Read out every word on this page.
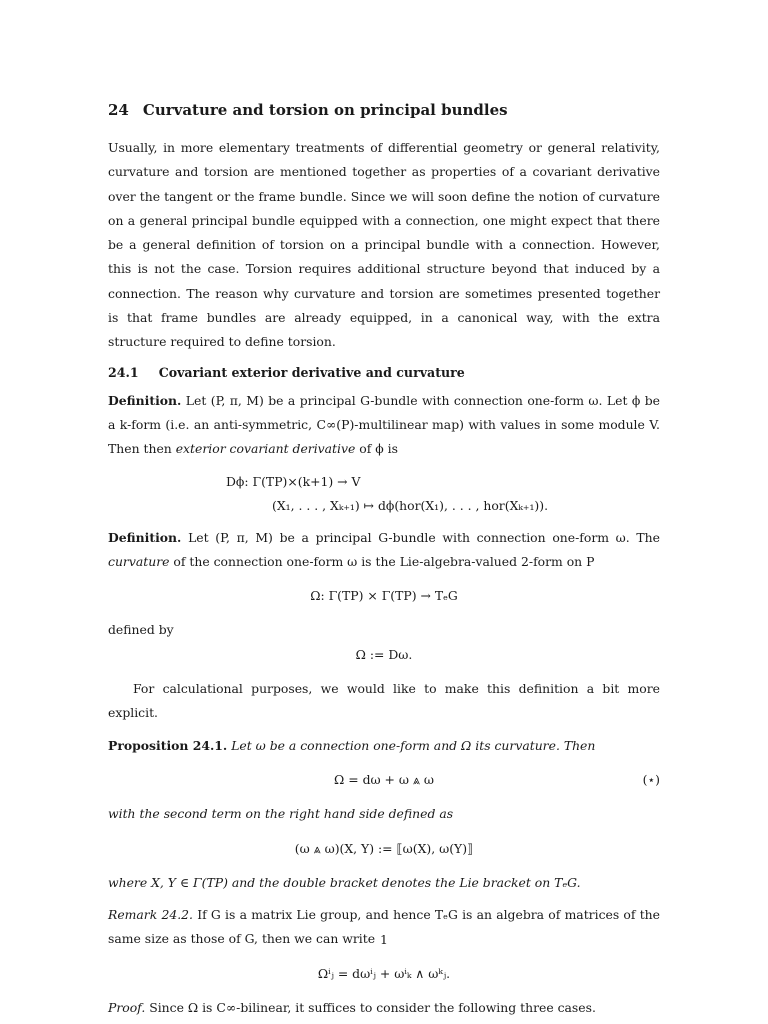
24 Curvature and torsion on principal bundles

Usually, in more elementary treatments of differential geometry or general relativity, curvature and torsion are mentioned together as properties of a covariant derivative over the tangent or the frame bundle. Since we will soon define the notion of curvature on a general principal bundle equipped with a connection, one might expect that there be a general definition of torsion on a principal bundle with a connection. However, this is not the case. Torsion requires additional structure beyond that induced by a connection. The reason why curvature and torsion are sometimes presented together is that frame bundles are already equipped, in a canonical way, with the extra structure required to define torsion.

24.1 Covariant exterior derivative and curvature

Definition. Let (P, π, M) be a principal G-bundle with connection one-form ω. Let ϕ be a k-form (i.e. an anti-symmetric, C∞(P)-multilinear map) with values in some module V. Then then exterior covariant derivative of ϕ is

Dϕ: Γ(TP)×(k+1) → V
(X₁, . . . , Xₖ₊₁) ↦ dϕ(hor(X₁), . . . , hor(Xₖ₊₁)).

Definition. Let (P, π, M) be a principal G-bundle with connection one-form ω. The curvature of the connection one-form ω is the Lie-algebra-valued 2-form on P

Ω: Γ(TP) × Γ(TP) → TₑG

defined by

Ω := Dω.

For calculational purposes, we would like to make this definition a bit more explicit.

Proposition 24.1. Let ω be a connection one-form and Ω its curvature. Then

Ω = dω + ω ⩓ ω	(⋆)

with the second term on the right hand side defined as

(ω ⩓ ω)(X, Y) := ⟦ω(X), ω(Y)⟧

where X, Y ∈ Γ(TP) and the double bracket denotes the Lie bracket on TₑG.

Remark 24.2. If G is a matrix Lie group, and hence TₑG is an algebra of matrices of the same size as those of G, then we can write

Ωⁱⱼ = dωⁱⱼ + ωⁱₖ ∧ ωᵏⱼ.

Proof. Since Ω is C∞-bilinear, it suffices to consider the following three cases.

1
